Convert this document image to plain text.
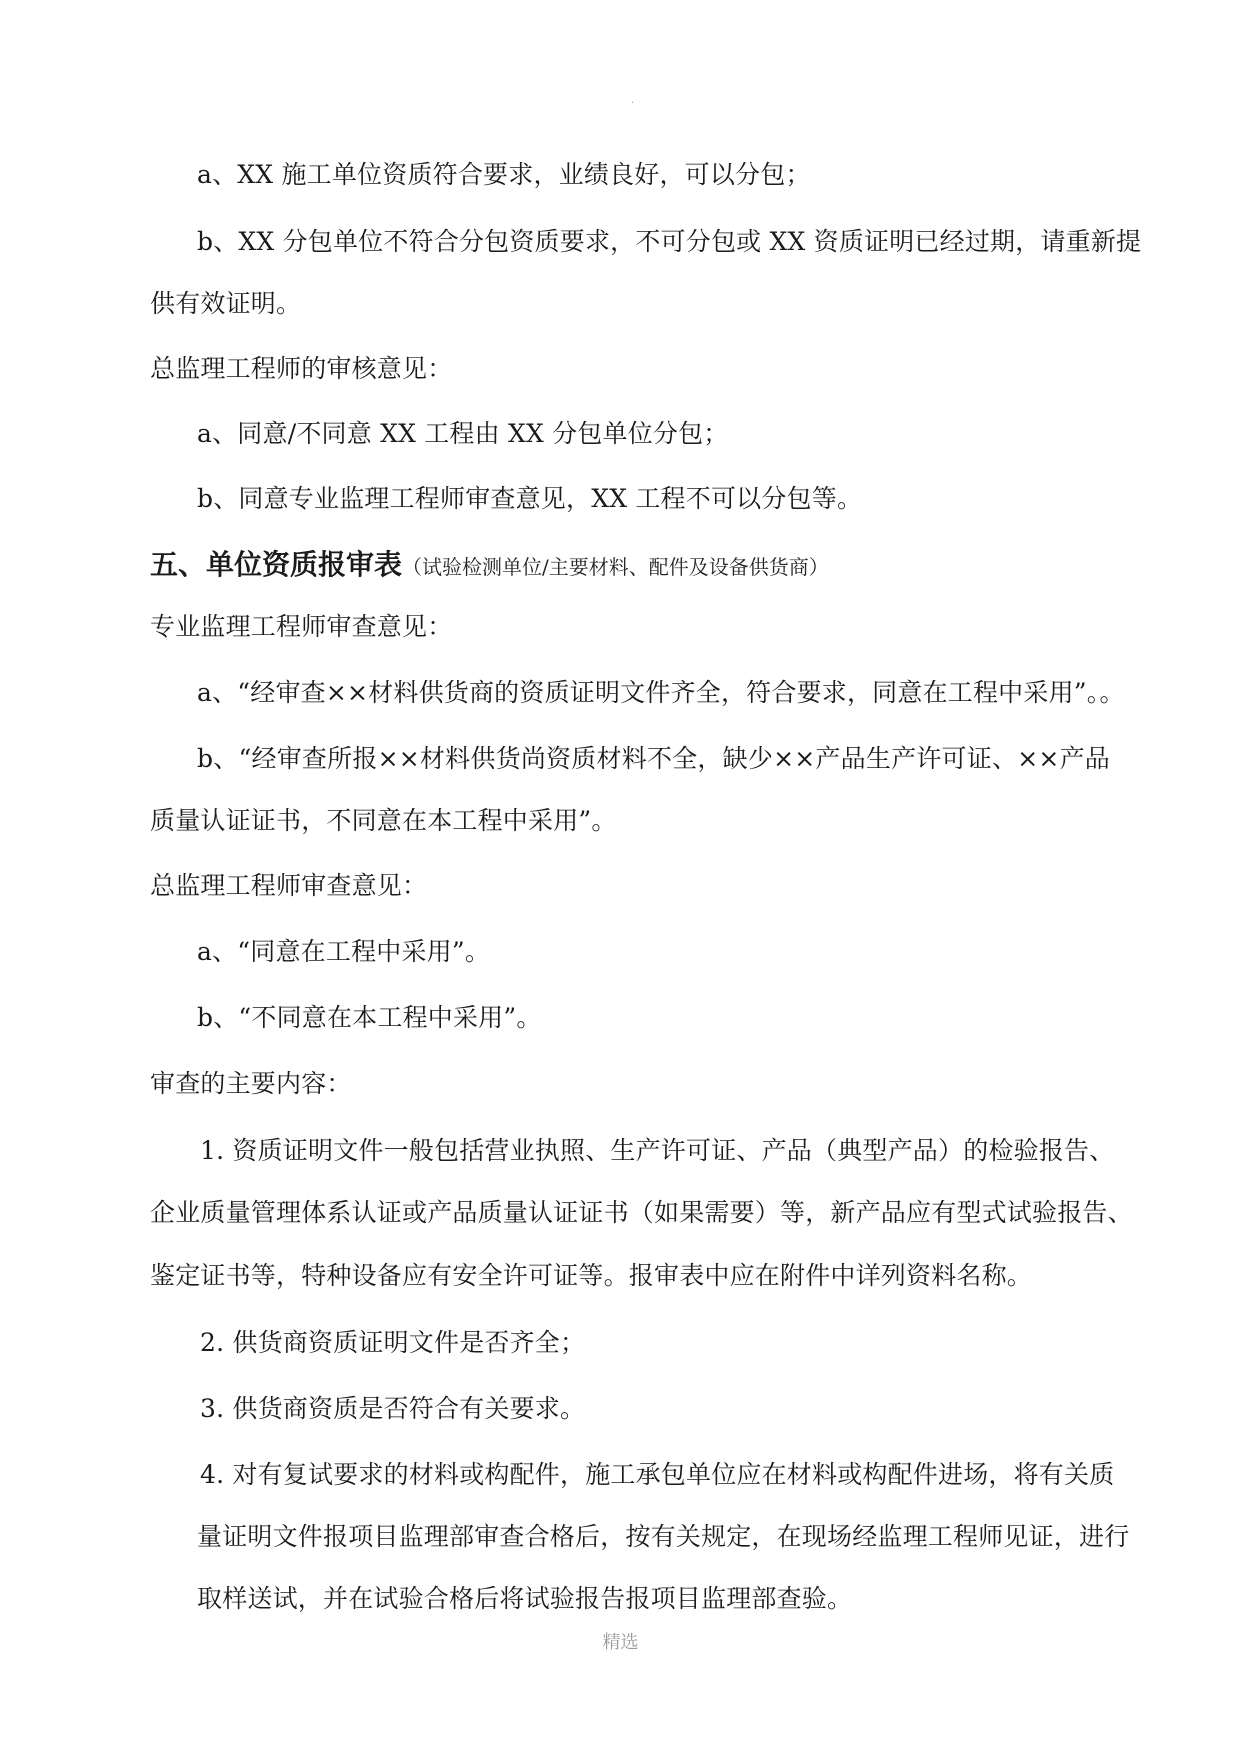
·
a、XX 施工单位资质符合要求，业绩良好，可以分包；
b、XX 分包单位不符合分包资质要求，不可分包或 XX 资质证明已经过期，请重新提
供有效证明。
总监理工程师的审核意见：
a、同意/不同意 XX 工程由 XX 分包单位分包；
b、同意专业监理工程师审查意见，XX 工程不可以分包等。
五、单位资质报审表（试验检测单位/主要材料、配件及设备供货商）
专业监理工程师审查意见：
a、“经审查××材料供货商的资质证明文件齐全，符合要求，同意在工程中采用”。。
b、“经审查所报××材料供货尚资质材料不全，缺少××产品生产许可证、××产品
质量认证证书，不同意在本工程中采用”。
总监理工程师审查意见：
a、“同意在工程中采用”。
b、“不同意在本工程中采用”。
审查的主要内容：
1. 资质证明文件一般包括营业执照、生产许可证、产品（典型产品）的检验报告、
企业质量管理体系认证或产品质量认证证书（如果需要）等，新产品应有型式试验报告、
鉴定证书等，特种设备应有安全许可证等。报审表中应在附件中详列资料名称。
2. 供货商资质证明文件是否齐全；
3. 供货商资质是否符合有关要求。
4. 对有复试要求的材料或构配件，施工承包单位应在材料或构配件进场，将有关质
量证明文件报项目监理部审查合格后，按有关规定，在现场经监理工程师见证，进行
取样送试，并在试验合格后将试验报告报项目监理部查验。
精选
